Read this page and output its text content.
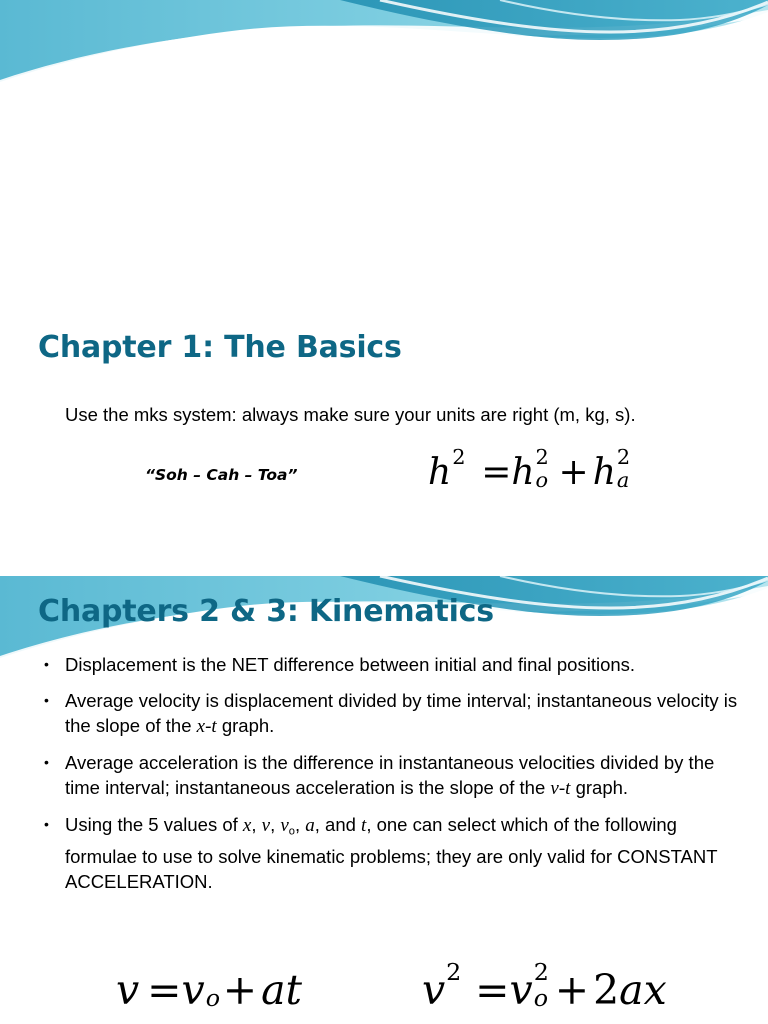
Chapter 1: The Basics

Use the mks system: always make sure your units are right (m, kg, s).

“Soh – Cah – Toa”	h 2 =h 2
o + h 2
a
Chapters 2 & 3: Kinematics
• Displacement is the NET difference between initial and final positions.
• Average velocity is displacement divided by time interval; instantaneous velocity is the slope of the x-t graph.
• Average acceleration is the difference in instantaneous velocities divided by the time interval; instantaneous acceleration is the slope of the v-t graph.
• Using the 5 values of x, v, vo, a, and t, one can select which of the following formulae to use to solve kinematic problems; they are only valid for CONSTANT ACCELERATION.
v =v o +at	v 2 =v 2
o +2ax
